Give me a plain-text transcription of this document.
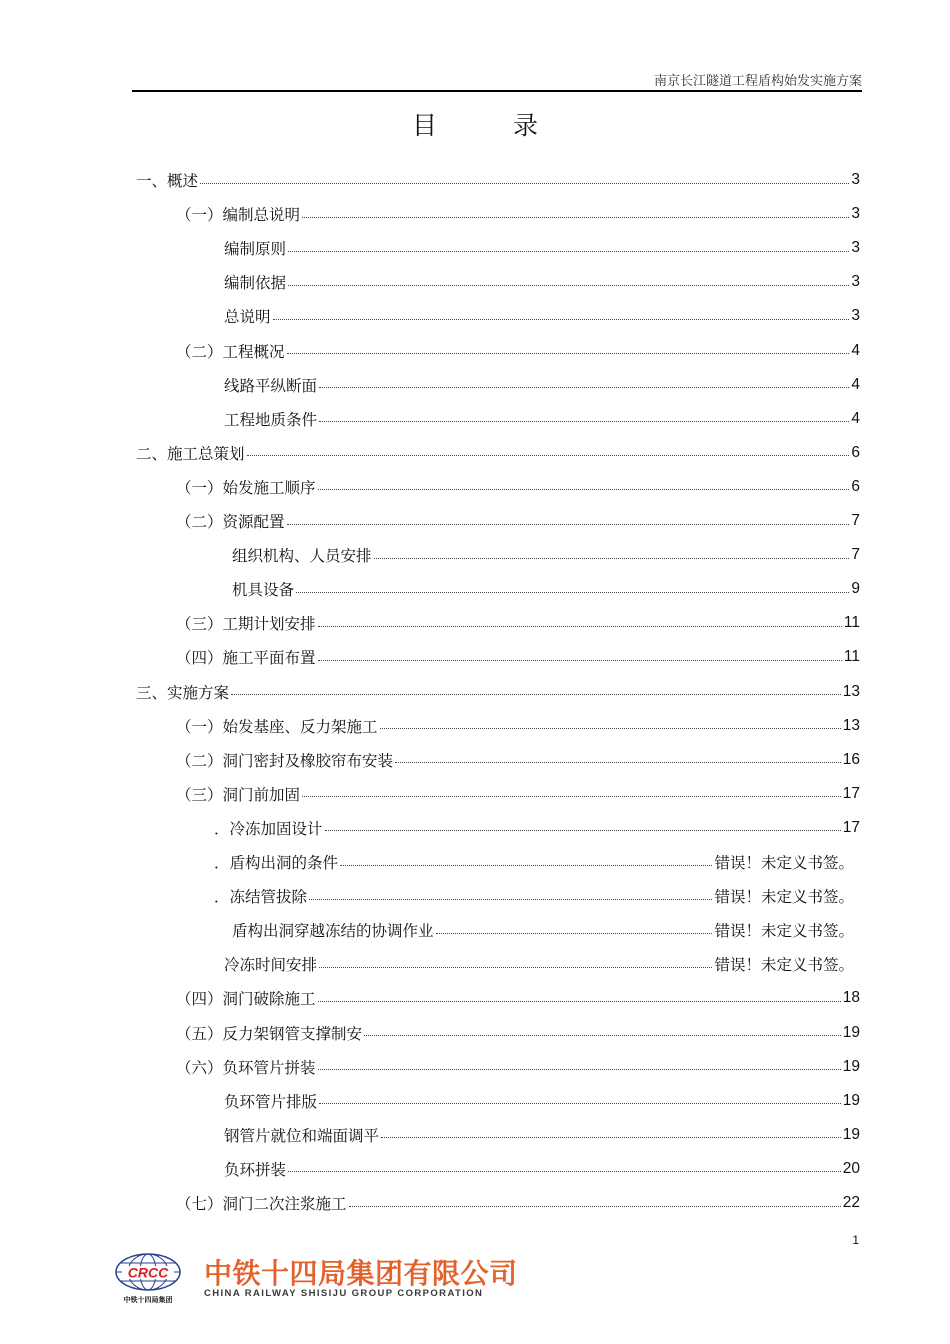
南京长江隧道工程盾构始发实施方案
目 录
一、概述	3
（一）编制总说明	3
编制原则	3
编制依据	3
总说明	3
（二）工程概况	4
线路平纵断面	4
工程地质条件	4
二、施工总策划	6
（一）始发施工顺序	6
（二）资源配置	7
组织机构、人员安排	7
机具设备	9
（三）工期计划安排	11
（四）施工平面布置	11
三、实施方案	13
（一）始发基座、反力架施工	13
（二）洞门密封及橡胶帘布安装	16
（三）洞门前加固	17
．冷冻加固设计	17
．盾构出洞的条件	错误！未定义书签。
．冻结管拔除	错误！未定义书签。
盾构出洞穿越冻结的协调作业	错误！未定义书签。
冷冻时间安排	错误！未定义书签。
（四）洞门破除施工	18
（五）反力架钢管支撑制安	19
（六）负环管片拼装	19
负环管片排版	19
钢管片就位和端面调平	19
负环拼装	20
（七）洞门二次注浆施工	22
1
CRCC
中铁十四局集团
中铁十四局集团有限公司
CHINA RAILWAY SHISIJU GROUP CORPORATION
